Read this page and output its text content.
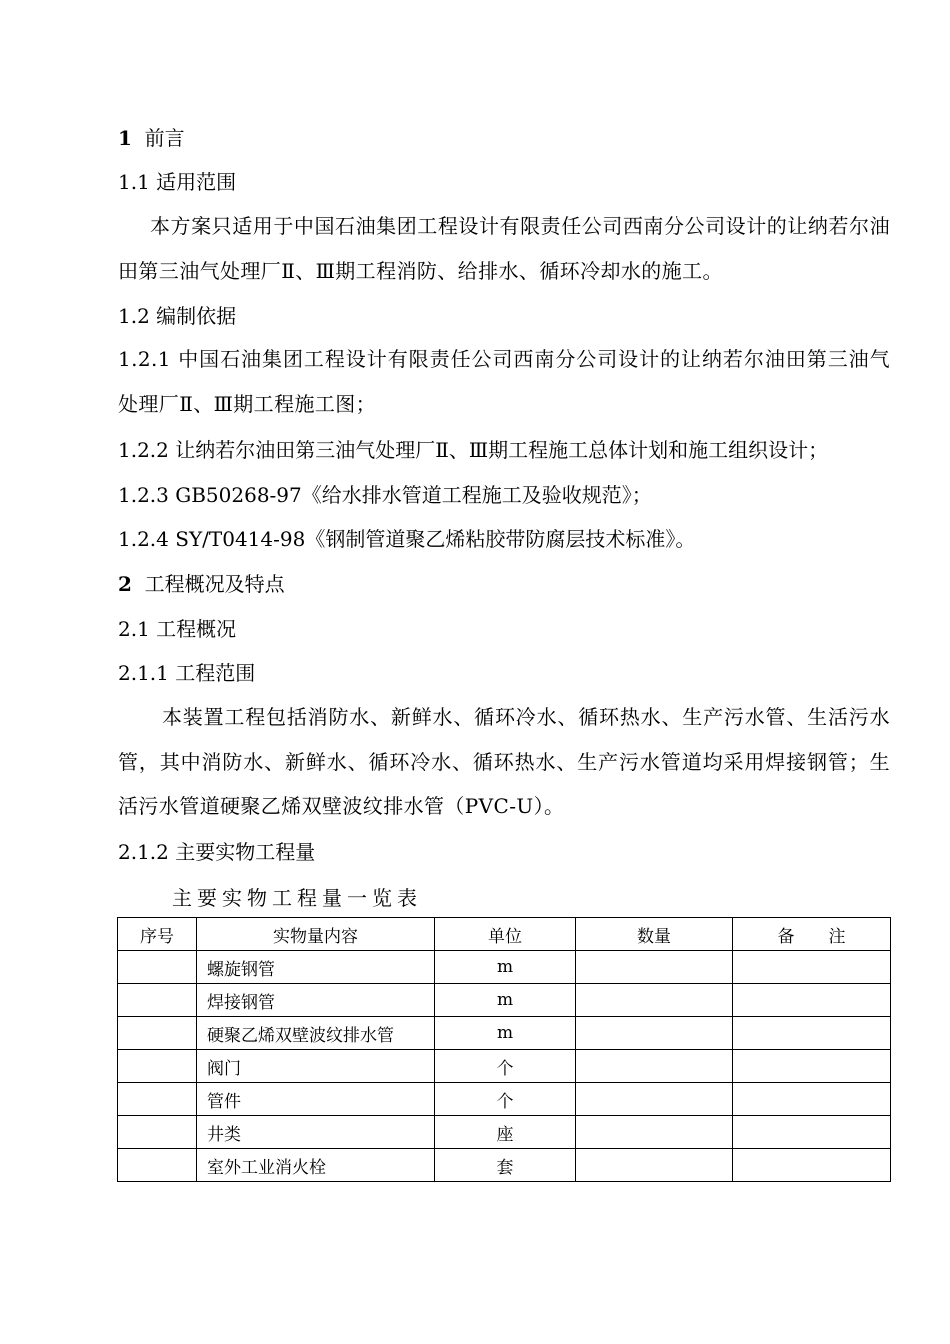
1 前言
1.1 适用范围
本方案只适用于中国石油集团工程设计有限责任公司西南分公司设计的让纳若尔油田第三油气处理厂Ⅱ、Ⅲ期工程消防、给排水、循环冷却水的施工。
1.2 编制依据
1.2.1 中国石油集团工程设计有限责任公司西南分公司设计的让纳若尔油田第三油气处理厂Ⅱ、Ⅲ期工程施工图；
1.2.2 让纳若尔油田第三油气处理厂Ⅱ、Ⅲ期工程施工总体计划和施工组织设计；
1.2.3 GB50268-97《给水排水管道工程施工及验收规范》；
1.2.4 SY/T0414-98《钢制管道聚乙烯粘胶带防腐层技术标准》。
2 工程概况及特点
2.1 工程概况
2.1.1 工程范围
本装置工程包括消防水、新鲜水、循环冷水、循环热水、生产污水管、生活污水管，其中消防水、新鲜水、循环冷水、循环热水、生产污水管道均采用焊接钢管；生活污水管道硬聚乙烯双壁波纹排水管（PVC-U）。
2.1.2 主要实物工程量
主要实物工程量一览表
序号	实物量内容	单位	数量	备　　注
	螺旋钢管	m		
	焊接钢管	m		
	硬聚乙烯双壁波纹排水管	m		
	阀门	个		
	管件	个		
	井类	座		
	室外工业消火栓	套		
